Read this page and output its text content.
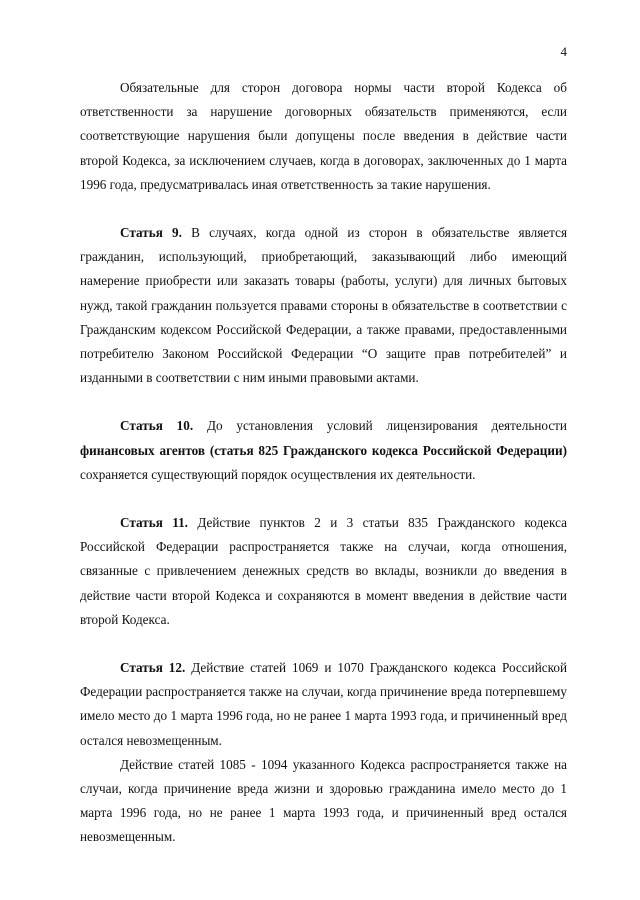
4

Обязательные для сторон договора нормы части второй Кодекса об ответственности за нарушение договорных обязательств применяются, если соответствующие нарушения были допущены после введения в действие части второй Кодекса, за исключением случаев, когда в договорах, заключенных до 1 марта 1996 года, предусматривалась иная ответственность за такие нарушения.

Статья 9. В случаях, когда одной из сторон в обязательстве является гражданин, использующий, приобретающий, заказывающий либо имеющий намерение приобрести или заказать товары (работы, услуги) для личных бытовых нужд, такой гражданин пользуется правами стороны в обязательстве в соответствии с Гражданским кодексом Российской Федерации, а также правами, предоставленными потребителю Законом Российской Федерации “О защите прав потребителей” и изданными в соответствии с ним иными правовыми актами.

Статья 10. До установления условий лицензирования деятельности финансовых агентов (статья 825 Гражданского кодекса Российской Федерации) сохраняется существующий порядок осуществления их деятельности.

Статья 11. Действие пунктов 2 и 3 статьи 835 Гражданского кодекса Российской Федерации распространяется также на случаи, когда отношения, связанные с привлечением денежных средств во вклады, возникли до введения в действие части второй Кодекса и сохраняются в момент введения в действие части второй Кодекса.

Статья 12. Действие статей 1069 и 1070 Гражданского кодекса Российской Федерации распространяется также на случаи, когда причинение вреда потерпевшему имело место до 1 марта 1996 года, но не ранее 1 марта 1993 года, и причиненный вред остался невозмещенным.

Действие статей 1085 - 1094 указанного Кодекса распространяется также на случаи, когда причинение вреда жизни и здоровью гражданина имело место до 1 марта 1996 года, но не ранее 1 марта 1993 года, и причиненный вред остался невозмещенным.
